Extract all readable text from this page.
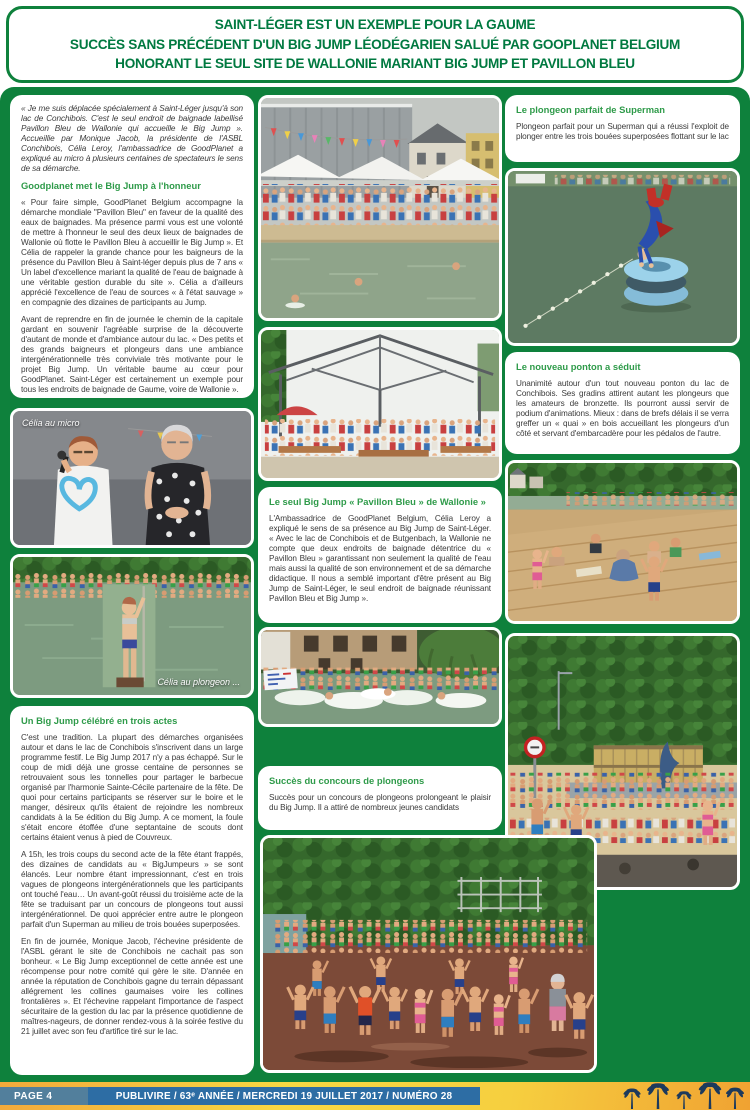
SAINT-LÉGER EST UN EXEMPLE POUR LA GAUME
SUCCÈS SANS PRÉCÉDENT D'UN BIG JUMP LÉODÉGARIEN SALUÉ PAR GOOPLANET BELGIUM
HONORANT LE SEUL SITE DE WALLONIE MARIANT BIG JUMP ET PAVILLON BLEU

« Je me suis déplacée spécialement à Saint-Léger jusqu'à son lac de Conchibois. C'est le seul endroit de baignade labellisé Pavillon Bleu de Wallonie qui accueille le Big Jump ». Accueillie par Monique Jacob, la présidente de l'ASBL Conchibois, Célia Leroy, l'ambassadrice de GoodPlanet a expliqué au micro à plusieurs centaines de spectateurs le sens de sa démarche.

Goodplanet met le Big Jump à l'honneur

« Pour faire simple, GoodPlanet Belgium accompagne la démarche mondiale "Pavillon Bleu" en faveur de la qualité des eaux de baignades. Ma présence parmi vous est une volonté de mettre à l'honneur le seul des deux lieux de baignades de Wallonie où flotte le Pavillon Bleu à accueillir le Big Jump ». Et Célia de rappeler la grande chance pour les baigneurs de la présence du Pavillon Bleu à Saint-léger depuis plus de 7 ans « Un label d'excellence mariant la qualité de l'eau de baignade à une véritable gestion durable du site ». Célia a d'ailleurs apprécié l'excellence de l'eau de sources « à l'état sauvage » en compagnie des dizaines de participants au Jump.

Avant de reprendre en fin de journée le chemin de la capitale gardant en souvenir l'agréable surprise de la découverte d'autant de monde et d'ambiance autour du lac. « Des petits et des grands baigneurs et plongeurs dans une ambiance intergénérationnelle très conviviale très motivante pour le projet Big Jump. Un véritable baume au cœur pour GoodPlanet. Saint-Léger est certainement un exemple pour tous les endroits de baignade de Gaume, voire de Wallonie ».

Célia au micro
Célia au plongeon ...
Un Big Jump célébré en trois actes

C'est une tradition. La plupart des démarches organisées autour et dans le lac de Conchibois s'inscrivent dans un large programme festif. Le Big Jump 2017 n'y a pas échappé. Sur le coup de midi déjà une grosse centaine de personnes se retrouvaient sous les tonnelles pour partager le barbecue organisé par l'harmonie Sainte-Cécile partenaire de la fête. De quoi pour certains participants se réserver sur le boire et le manger, désireux qu'ils étaient de rejoindre les nombreux candidats à la 5e édition du Big Jump. A ce moment, la foule s'était encore étoffée d'une septantaine de scouts dont certains étaient venus à pied de Couvreux.

A 15h, les trois coups du second acte de la fête étant frappés, des dizaines de candidats au « BigJumpeurs » se sont élancés. Leur nombre étant impressionnant, c'est en trois vagues de plongeons intergénérationnels que les participants ont touché l'eau… Un avant-goût réussi du troisième acte de la fête se traduisant par un concours de plongeons tout aussi intergénérationnel. De quoi apprécier entre autre le plongeon parfait d'un Superman au milieu de trois bouées superposées.

En fin de journée, Monique Jacob, l'échevine présidente de l'ASBL gérant le site de Conchibois ne cachait pas son bonheur. « Le Big Jump exceptionnel de cette année est une récompense pour notre comité qui gère le site. D'année en année la réputation de Conchibois gagne du terrain dépassant allégrement les collines gaumaises voire les collines frontalières ». Et l'échevine rappelant l'importance de l'aspect sécuritaire de la gestion du lac par la présence quotidienne de maîtres-nageurs, de donner rendez-vous à la soirée festive du 21 juillet avec son feu d'artifice tiré sur le lac.

Le seul Big Jump « Pavillon Bleu » de Wallonie »

L'Ambassadrice de GoodPlanet Belgium, Célia Leroy a expliqué le sens de sa présence au Big Jump de Saint-Léger. « Avec le lac de Conchibois et de Butgenbach, la Wallonie ne compte que deux endroits de baignade détentrice du « Pavillon Bleu » garantissant non seulement la qualité de l'eau mais aussi la qualité de son environnement et de sa démarche didactique. Il nous a semblé important d'être présent au Big Jump de Saint-Léger, le seul endroit de baignade réunissant Pavillon Bleu et Big Jump ».

Succès du concours de plongeons

Succès pour un concours de plongeons prolongeant le plaisir du Big Jump. Il a attiré de nombreux jeunes candidats

Le plongeon parfait de Superman

Plongeon parfait pour un Superman qui a réussi l'exploit de plonger entre les trois bouées superposées flottant sur le lac

Le nouveau ponton a séduit

Unanimité autour d'un tout nouveau ponton du lac de Conchibois. Ses gradins attirent autant les plongeurs que les amateurs de bronzette. Ils pourront aussi servir de podium d'animations. Mieux : dans de brefs délais il se verra greffer un « quai » en bois accueillant les plongeurs d'un côté et servant d'embarcadère pour les pédalos de l'autre.

PAGE 4	PUBLIVIRE / 63ᵉ ANNÉE / MERCREDI 19 JUILLET 2017 / NUMÉRO 28
